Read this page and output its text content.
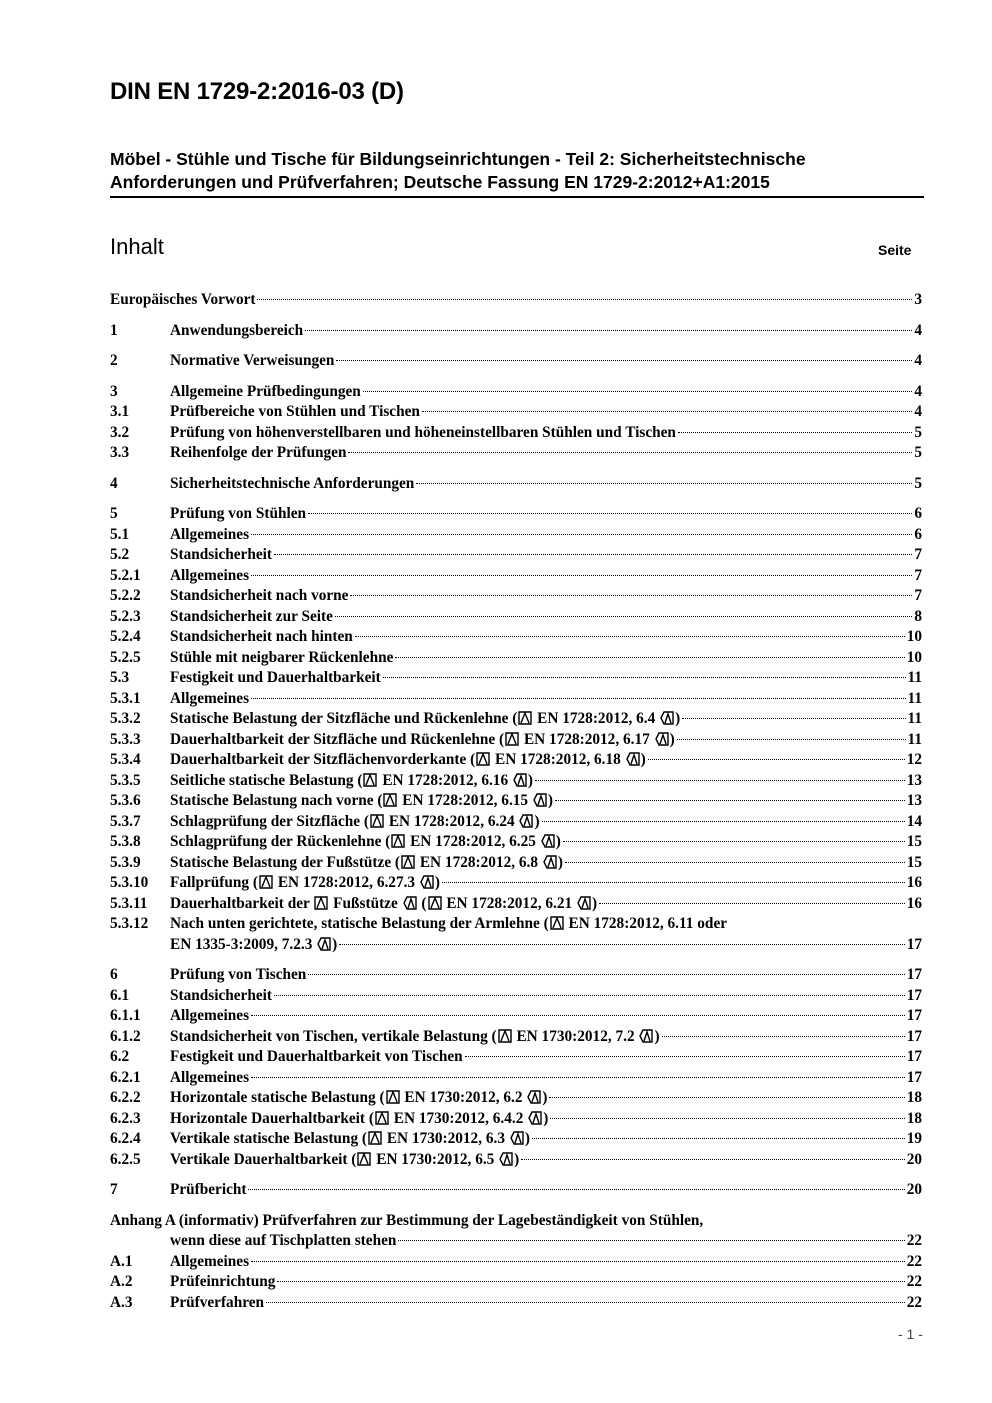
DIN EN 1729-2:2016-03 (D)
Möbel - Stühle und Tische für Bildungseinrichtungen - Teil 2: Sicherheitstechnische
Anforderungen und Prüfverfahren; Deutsche Fassung EN 1729-2:2012+A1:2015
Inhalt	Seite
Europäisches Vorwort	3
1	Anwendungsbereich	4
2	Normative Verweisungen	4
3	Allgemeine Prüfbedingungen	4
3.1	Prüfbereiche von Stühlen und Tischen	4
3.2	Prüfung von höhenverstellbaren und höheneinstellbaren Stühlen und Tischen	5
3.3	Reihenfolge der Prüfungen	5
4	Sicherheitstechnische Anforderungen	5
5	Prüfung von Stühlen	6
5.1	Allgemeines	6
5.2	Standsicherheit	7
5.2.1 Allgemeines	7
5.2.2 Standsicherheit nach vorne	7
5.2.3 Standsicherheit zur Seite	8
5.2.4 Standsicherheit nach hinten	10
5.2.5 Stühle mit neigbarer Rückenlehne	10
5.3	Festigkeit und Dauerhaltbarkeit	11
5.3.1 Allgemeines	11
5.3.2 Statische Belastung der Sitzfläche und Rückenlehne ( EN 1728:2012, 6.4 )	11
5.3.3 Dauerhaltbarkeit der Sitzfläche und Rückenlehne ( EN 1728:2012, 6.17 )	11
5.3.4 Dauerhaltbarkeit der Sitzflächenvorderkante ( EN 1728:2012, 6.18 )	12
5.3.5 Seitliche statische Belastung ( EN 1728:2012, 6.16 )	13
5.3.6 Statische Belastung nach vorne ( EN 1728:2012, 6.15 )	13
5.3.7 Schlagprüfung der Sitzfläche ( EN 1728:2012, 6.24 )	14
5.3.8 Schlagprüfung der Rückenlehne ( EN 1728:2012, 6.25 )	15
5.3.9 Statische Belastung der Fußstütze ( EN 1728:2012, 6.8 )	15
5.3.10 Fallprüfung ( EN 1728:2012, 6.27.3 )	16
5.3.11 Dauerhaltbarkeit der Fußstütze ( EN 1728:2012, 6.21 )	16
5.3.12 Nach unten gerichtete, statische Belastung der Armlehne ( EN 1728:2012, 6.11 oder
EN 1335-3:2009, 7.2.3 )	17
6	Prüfung von Tischen	17
6.1	Standsicherheit	17
6.1.1 Allgemeines	17
6.1.2 Standsicherheit von Tischen, vertikale Belastung ( EN 1730:2012, 7.2 )	17
6.2	Festigkeit und Dauerhaltbarkeit von Tischen	17
6.2.1 Allgemeines	17
6.2.2 Horizontale statische Belastung ( EN 1730:2012, 6.2 )	18
6.2.3 Horizontale Dauerhaltbarkeit ( EN 1730:2012, 6.4.2 )	18
6.2.4 Vertikale statische Belastung ( EN 1730:2012, 6.3 )	19
6.2.5 Vertikale Dauerhaltbarkeit ( EN 1730:2012, 6.5 )	20
7	Prüfbericht	20
Anhang A (informativ) Prüfverfahren zur Bestimmung der Lagebeständigkeit von Stühlen,
wenn diese auf Tischplatten stehen	22
A.1 Allgemeines	22
A.2 Prüfeinrichtung	22
A.3 Prüfverfahren	22
- 1 -
